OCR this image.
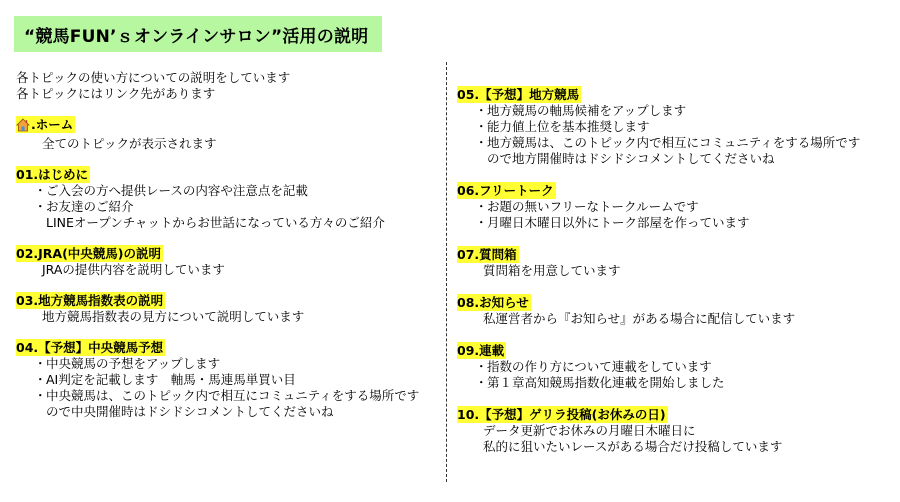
“競馬FUN’ｓオンラインサロン”活用の説明
各トピックの使い方についての説明をしています
各トピックにはリンク先があります
.ホーム
全てのトピックが表示されます
01.はじめに
・ ご入会の方へ提供レースの内容や注意点を記載
・ お友達のご紹介
LINEオープンチャットからお世話になっている方々のご紹介
02.JRA(中央競馬)の説明
JRAの提供内容を説明しています
03.地方競馬指数表の説明
地方競馬指数表の見方について説明しています
04.【予想】中央競馬予想
・ 中央競馬の予想をアップします
・ AI判定を記載します　軸馬・馬連馬単買い目
・ 中央競馬は、このトピック内で相互にコミュニティをする場所です
ので中央開催時はドシドシコメントしてくださいね
05.【予想】地方競馬
・ 地方競馬の軸馬候補をアップします
・ 能力値上位を基本推奨します
・ 地方競馬は、このトピック内で相互にコミュニティをする場所です
ので地方開催時はドシドシコメントしてくださいね
06.フリートーク
・ お題の無いフリーなトークルームです
・ 月曜日木曜日以外にトーク部屋を作っています
07.質問箱
質問箱を用意しています
08.お知らせ
私運営者から『お知らせ』がある場合に配信しています
09.連載
・ 指数の作り方について連載をしています
・ 第１章高知競馬指数化連載を開始しました
10.【予想】ゲリラ投稿(お休みの日)
データ更新でお休みの月曜日木曜日に
私的に狙いたいレースがある場合だけ投稿しています
